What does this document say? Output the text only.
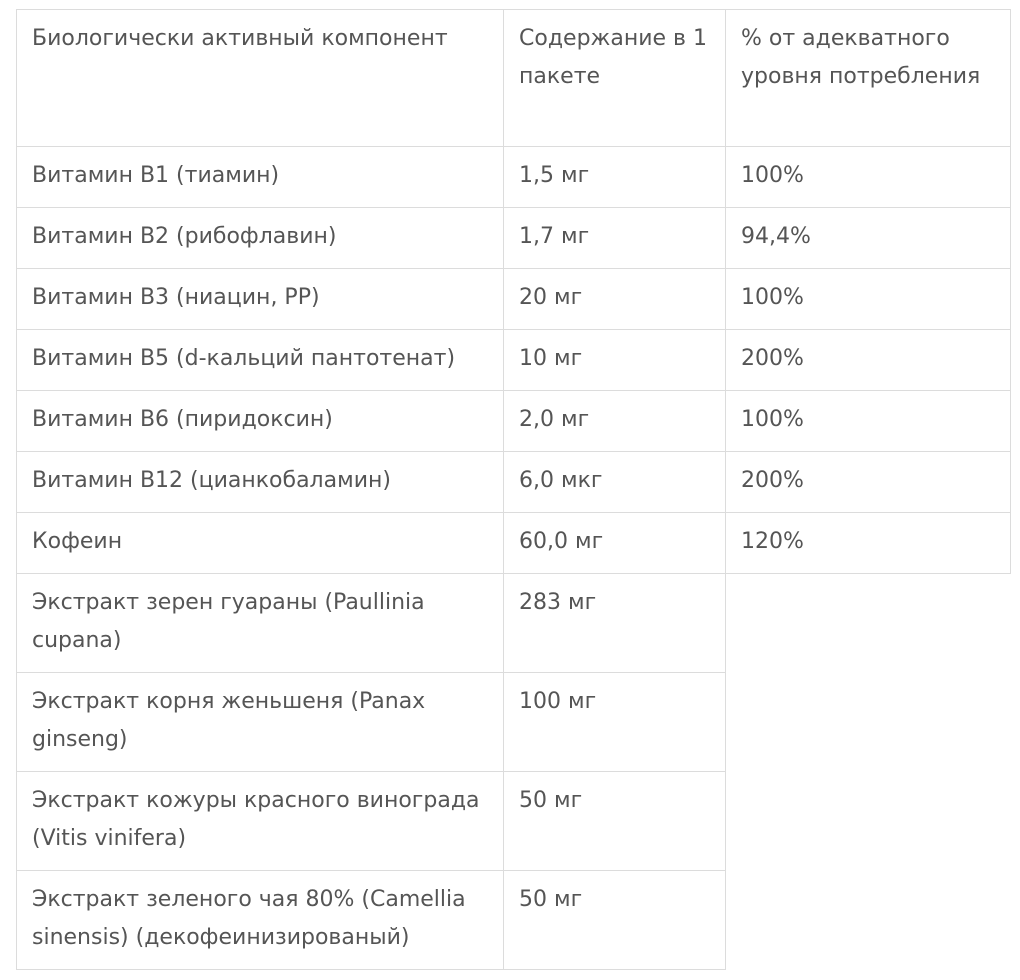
Биологически активный компонент	Содержание в 1 пакете	% от адекватного уровня потребления
Витамин В1 (тиамин)	1,5 мг	100%
Витамин В2 (рибофлавин)	1,7 мг	94,4%
Витамин В3 (ниацин, РР)	20 мг	100%
Витамин В5 (d-кальций пантотенат)	10 мг	200%
Витамин В6 (пиридоксин)	2,0 мг	100%
Витамин В12 (цианкобаламин)	6,0 мкг	200%
Кофеин	60,0 мг	120%
Экстракт зерен гуараны (Paullinia cupana)	283 мг	
Экстракт корня женьшеня (Panax ginseng)	100 мг	
Экстракт кожуры красного винограда (Vitis vinifera)	50 мг	
Экстракт зеленого чая 80% (Camellia sinensis) (декофеинизированый)	50 мг	
